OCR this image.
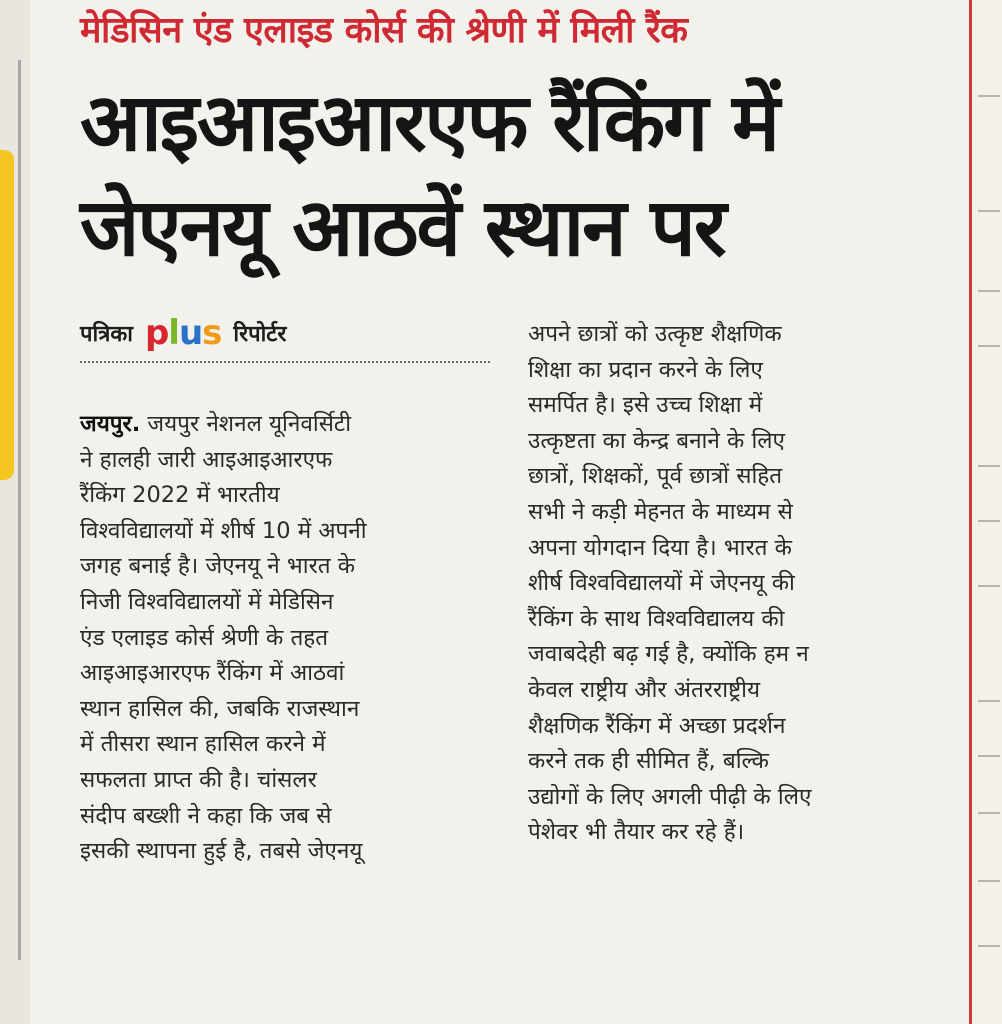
मेडिसिन एंड एलाइड कोर्स की श्रेणी में मिली रैंक
आइआइआरएफ रैंकिंग में
जेएनयू आठवें स्थान पर
पत्रिका plus रिपोर्टर
जयपुर. जयपुर नेशनल यूनिवर्सिटी
ने हालही जारी आइआइआरएफ
रैंकिंग 2022 में भारतीय
विश्वविद्यालयों में शीर्ष 10 में अपनी
जगह बनाई है। जेएनयू ने भारत के
निजी विश्वविद्यालयों में मेडिसिन
एंड एलाइड कोर्स श्रेणी के तहत
आइआइआरएफ रैंकिंग में आठवां
स्थान हासिल की, जबकि राजस्थान
में तीसरा स्थान हासिल करने में
सफलता प्राप्त की है। चांसलर
संदीप बख्शी ने कहा कि जब से
इसकी स्थापना हुई है, तबसे जेएनयू
अपने छात्रों को उत्कृष्ट शैक्षणिक
शिक्षा का प्रदान करने के लिए
समर्पित है। इसे उच्च शिक्षा में
उत्कृष्टता का केन्द्र बनाने के लिए
छात्रों, शिक्षकों, पूर्व छात्रों सहित
सभी ने कड़ी मेहनत के माध्यम से
अपना योगदान दिया है। भारत के
शीर्ष विश्वविद्यालयों में जेएनयू की
रैंकिंग के साथ विश्वविद्यालय की
जवाबदेही बढ़ गई है, क्योंकि हम न
केवल राष्ट्रीय और अंतरराष्ट्रीय
शैक्षणिक रैंकिंग में अच्छा प्रदर्शन
करने तक ही सीमित हैं, बल्कि
उद्योगों के लिए अगली पीढ़ी के लिए
पेशेवर भी तैयार कर रहे हैं।
